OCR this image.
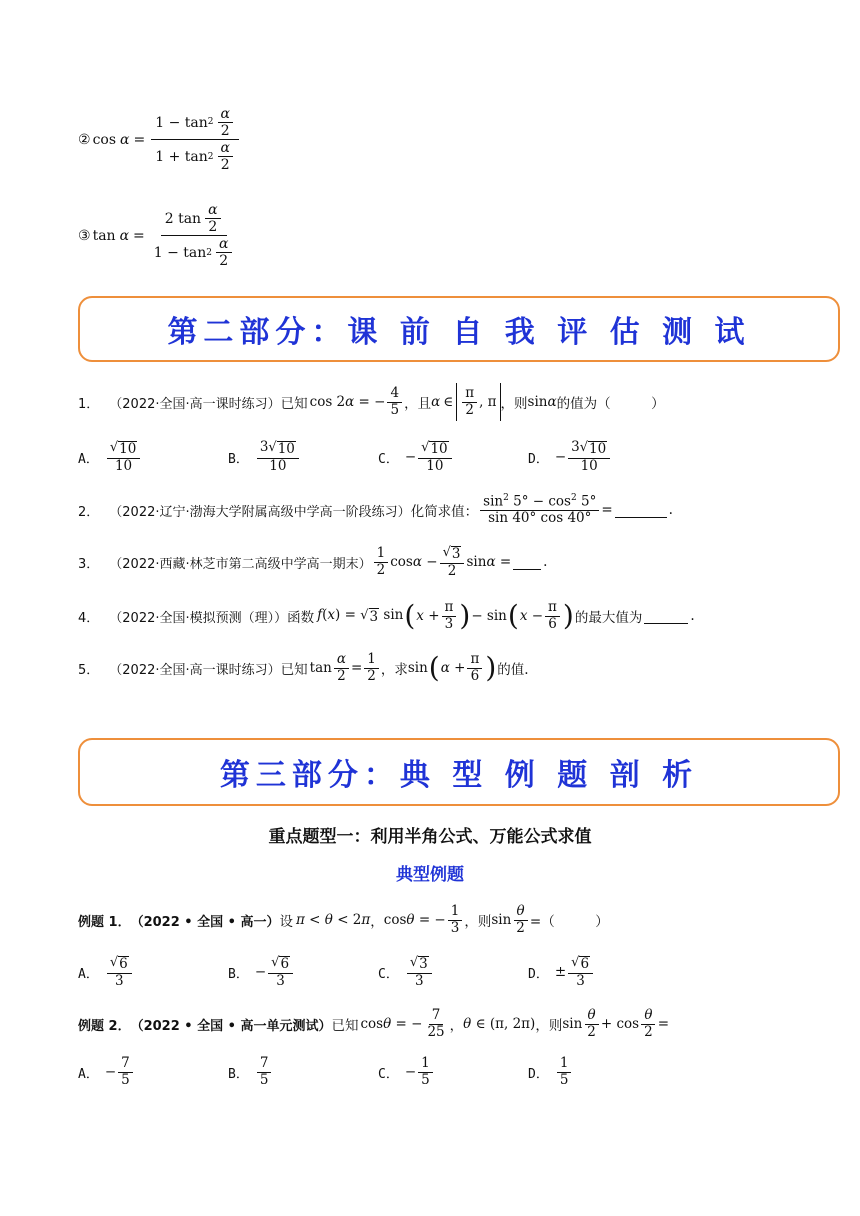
② $\cos \alpha = \frac{1 - \tan 2 \frac{\alpha}{2}}{1 + \tan 2 \frac{\alpha}{2}}$
③ $\tan \alpha = \frac{2 \tan \frac{\alpha}{2}}{1 - \tan 2 \frac{\alpha}{2}}$
第二部分：课 前 自 我 评 估 测 试
1． （2022·全国·高一课时练习） 已知 cos 2α = − $\frac{4}{5}$ ，且 α ∈ $\frac{\pi}{2}$ , π ，则 sinα 的值为（　　　）
A． $\frac{√ 10}{10}$	B． $\frac{3 √ 10}{10}$	C． − $\frac{√ 10}{10}$	D． − $\frac{3 √ 10}{10}$
2． （2022·辽宁·渤海大学附属高级中学高一阶段练习） 化简求值： $\frac{\sin^2 5^\circ - \cos^2 5^\circ}{\sin 40^\circ \cos 40^\circ}$ =	.
3． （2022·西藏·林芝市第二高级中学高一期末） $\frac{1}{2}$ $\cos\alpha - \frac{√ 3}{2}$ sinα = .
4． （2022·全国·模拟预测（理）） 函数 f(x) = √ 3 sin ( $x + \frac{\pi}{3}$ ) − sin ( $x - \frac{\pi}{6}$ ) 的最大值为	.
5． （2022·全国·高一课时练习） 已知 $\tan \frac{\alpha}{2} = \frac{1}{2}$ ，求 sin ( $\alpha + \frac{\pi}{6}$ ) 的值.
第三部分：典 型 例 题 剖 析
重点题型一：利用半角公式、万能公式求值
典型例题
例题 1． （2022 • 全国 • 高一） 设 π < θ < 2π ， cosθ = − $\frac{1}{3}$ ，则 $\sin \frac{\theta}{2}$ =（　　　）
A． $\frac{√ 6}{3}$	B． − $\frac{√ 6}{3}$	C． $\frac{√ 3}{3}$	D． ± $\frac{√ 6}{3}$
例题 2． （2022 • 全国 • 高一单元测试） 已知 cosθ = − $\frac{7}{25}$ ， θ ∈ (π, 2π) ，则 $\sin \frac{\theta}{2} + \cos \frac{\theta}{2}$ =
A． − $\frac{7}{5}$	B． $\frac{7}{5}$	C． − $\frac{1}{5}$	D． $\frac{1}{5}$
